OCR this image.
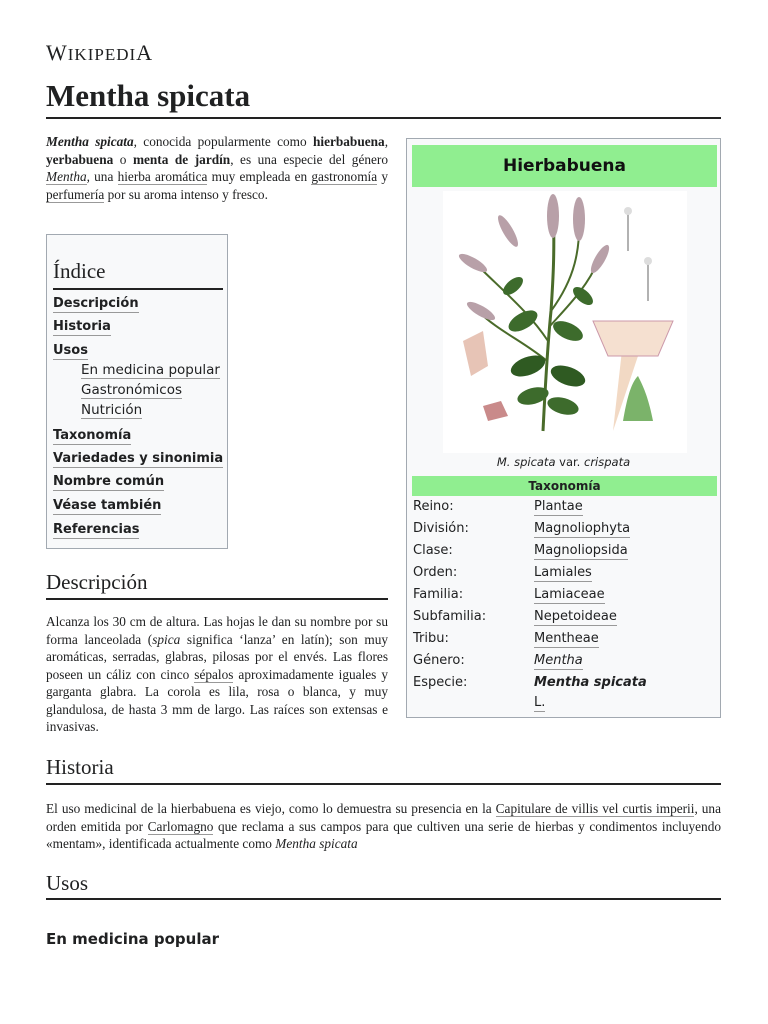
WIKIPEDIA
Mentha spicata
Mentha spicata, conocida popularmente como hierbabuena, yerbabuena o menta de jardín, es una especie del género Mentha, una hierba aromática muy empleada en gastronomía y perfumería por su aroma intenso y fresco.
Índice
Descripción
Historia
Usos
En medicina popular
Gastronómicos
Nutrición
Taxonomía
Variedades y sinonimia
Nombre común
Véase también
Referencias
Hierbabuena
M. spicata var. crispata
Taxonomía
Reino:	Plantae
División:	Magnoliophyta
Clase:	Magnoliopsida
Orden:	Lamiales
Familia:	Lamiaceae
Subfamilia:	Nepetoideae
Tribu:	Mentheae
Género:	Mentha
Especie:	Mentha spicata
L.
Descripción
Alcanza los 30 cm de altura. Las hojas le dan su nombre por su forma lanceolada (spica significa ‘lanza’ en latín); son muy aromáticas, serradas, glabras, pilosas por el envés. Las flores poseen un cáliz con cinco sépalos aproximadamente iguales y garganta glabra. La corola es lila, rosa o blanca, y muy glandulosa, de hasta 3 mm de largo. Las raíces son extensas e invasivas.
Historia
El uso medicinal de la hierbabuena es viejo, como lo demuestra su presencia en la Capitulare de villis vel curtis imperii, una orden emitida por Carlomagno que reclama a sus campos para que cultiven una serie de hierbas y condimentos incluyendo «mentam», identificada actualmente como Mentha spicata
Usos
En medicina popular
